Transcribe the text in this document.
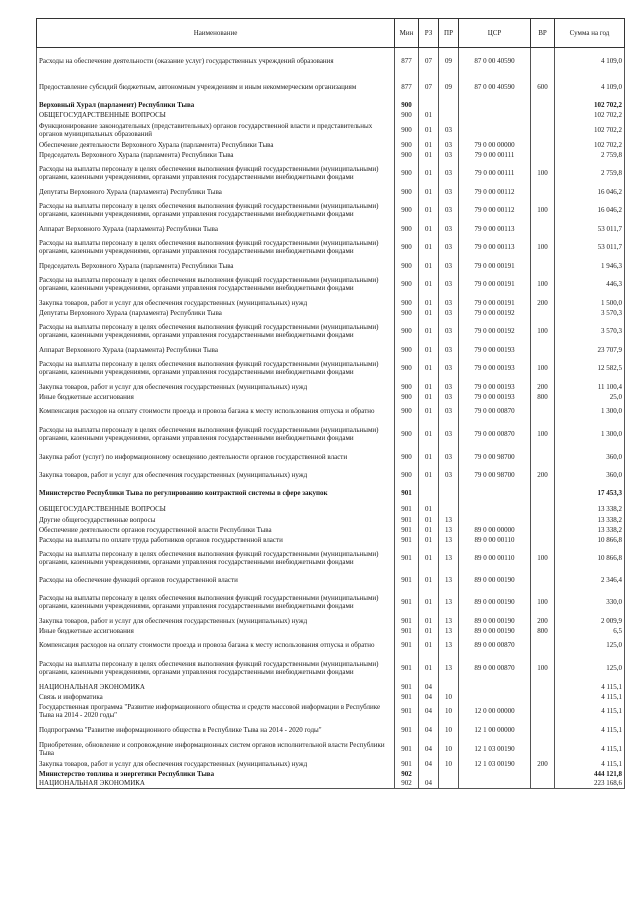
Наименование	Мин	РЗ	ПР	ЦСР	ВР	Сумма на год
Расходы на обеспечение деятельности (оказание услуг) государственных учреждений образования	877	07	09	87 0 00 40590		4 109,0
Предоставление субсидий бюджетным, автономным учреждениям и иным некоммерческим организациям	877	07	09	87 0 00 40590	600	4 109,0
Верховный Хурал (парламент) Республики Тыва	900					102 702,2
ОБЩЕГОСУДАРСТВЕННЫЕ ВОПРОСЫ	900	01				102 702,2
Функционирование законодательных (представительных) органов государственной власти и представительных органов муниципальных образований	900	01	03			102 702,2
Обеспечение деятельности Верховного Хурала (парламента) Республики Тыва	900	01	03	79 0 00 00000		102 702,2
Председатель Верховного Хурала (парламента) Республики Тыва	900	01	03	79 0 00 00111		2 759,8
Расходы на выплаты персоналу в целях обеспечения выполнения функций государственными (муниципальными) органами, казенными учреждениями, органами управления государственными внебюджетными фондами	900	01	03	79 0 00 00111	100	2 759,8
Депутаты Верховного Хурала (парламента) Республики Тыва	900	01	03	79 0 00 00112		16 046,2
Расходы на выплаты персоналу в целях обеспечения выполнения функций государственными (муниципальными) органами, казенными учреждениями, органами управления государственными внебюджетными фондами	900	01	03	79 0 00 00112	100	16 046,2
Аппарат Верховного Хурала (парламента) Республики Тыва	900	01	03	79 0 00 00113		53 011,7
Расходы на выплаты персоналу в целях обеспечения выполнения функций государственными (муниципальными) органами, казенными учреждениями, органами управления государственными внебюджетными фондами	900	01	03	79 0 00 00113	100	53 011,7
Председатель Верховного Хурала (парламента) Республики Тыва	900	01	03	79 0 00 00191		1 946,3
Расходы на выплаты персоналу в целях обеспечения выполнения функций государственными (муниципальными) органами, казенными учреждениями, органами управления государственными внебюджетными фондами	900	01	03	79 0 00 00191	100	446,3
Закупка товаров, работ и услуг для обеспечения государственных (муниципальных) нужд	900	01	03	79 0 00 00191	200	1 500,0
Депутаты Верховного Хурала (парламента) Республики Тыва	900	01	03	79 0 00 00192		3 570,3
Расходы на выплаты персоналу в целях обеспечения выполнения функций государственными (муниципальными) органами, казенными учреждениями, органами управления государственными внебюджетными фондами	900	01	03	79 0 00 00192	100	3 570,3
Аппарат Верховного Хурала (парламента) Республики Тыва	900	01	03	79 0 00 00193		23 707,9
Расходы на выплаты персоналу в целях обеспечения выполнения функций государственными (муниципальными) органами, казенными учреждениями, органами управления государственными внебюджетными фондами	900	01	03	79 0 00 00193	100	12 582,5
Закупка товаров, работ и услуг для обеспечения государственных (муниципальных) нужд	900	01	03	79 0 00 00193	200	11 100,4
Иные бюджетные ассигнования	900	01	03	79 0 00 00193	800	25,0
Компенсация расходов на оплату стоимости проезда и провоза багажа к месту использования отпуска и обратно	900	01	03	79 0 00 00870		1 300,0
Расходы на выплаты персоналу в целях обеспечения выполнения функций государственными (муниципальными) органами, казенными учреждениями, органами управления государственными внебюджетными фондами	900	01	03	79 0 00 00870	100	1 300,0
Закупка работ (услуг) по информационному освещению деятельности органов государственной власти	900	01	03	79 0 00 98700		360,0
Закупка товаров, работ и услуг для обеспечения государственных (муниципальных) нужд	900	01	03	79 0 00 98700	200	360,0
Министерство Республики Тыва по регулированию контрактной системы в сфере закупок	901					17 453,3
ОБЩЕГОСУДАРСТВЕННЫЕ ВОПРОСЫ	901	01				13 338,2
Другие общегосударственные вопросы	901	01	13			13 338,2
Обеспечение деятельности органов государственной власти Республики Тыва	901	01	13	89 0 00 00000		13 338,2
Расходы на выплаты по оплате труда работников органов государственной власти	901	01	13	89 0 00 00110		10 866,8
Расходы на выплаты персоналу в целях обеспечения выполнения функций государственными (муниципальными) органами, казенными учреждениями, органами управления государственными внебюджетными фондами	901	01	13	89 0 00 00110	100	10 866,8
Расходы на обеспечение функций органов государственной власти	901	01	13	89 0 00 00190		2 346,4
Расходы на выплаты персоналу в целях обеспечения выполнения функций государственными (муниципальными) органами, казенными учреждениями, органами управления государственными внебюджетными фондами	901	01	13	89 0 00 00190	100	330,0
Закупка товаров, работ и услуг для обеспечения государственных (муниципальных) нужд	901	01	13	89 0 00 00190	200	2 009,9
Иные бюджетные ассигнования	901	01	13	89 0 00 00190	800	6,5
Компенсация расходов на оплату стоимости проезда и провоза багажа к месту использования отпуска и обратно	901	01	13	89 0 00 00870		125,0
Расходы на выплаты персоналу в целях обеспечения выполнения функций государственными (муниципальными) органами, казенными учреждениями, органами управления государственными внебюджетными фондами	901	01	13	89 0 00 00870	100	125,0
НАЦИОНАЛЬНАЯ ЭКОНОМИКА	901	04				4 115,1
Связь и информатика	901	04	10			4 115,1
Государственная программа "Развитие информационного общества и средств массовой информации в Республике Тыва на 2014 - 2020 годы"	901	04	10	12 0 00 00000		4 115,1
Подпрограмма "Развитие информационного общества в Республике Тыва на 2014 - 2020 годы"	901	04	10	12 1 00 00000		4 115,1
Приобретение, обновление и сопровождение информационных систем органов исполнительной власти Республики Тыва	901	04	10	12 1 03 00190		4 115,1
Закупка товаров, работ и услуг для обеспечения государственных (муниципальных) нужд	901	04	10	12 1 03 00190	200	4 115,1
Министерство топлива и энергетики Республики Тыва	902					444 121,8
НАЦИОНАЛЬНАЯ ЭКОНОМИКА	902	04				223 168,6
